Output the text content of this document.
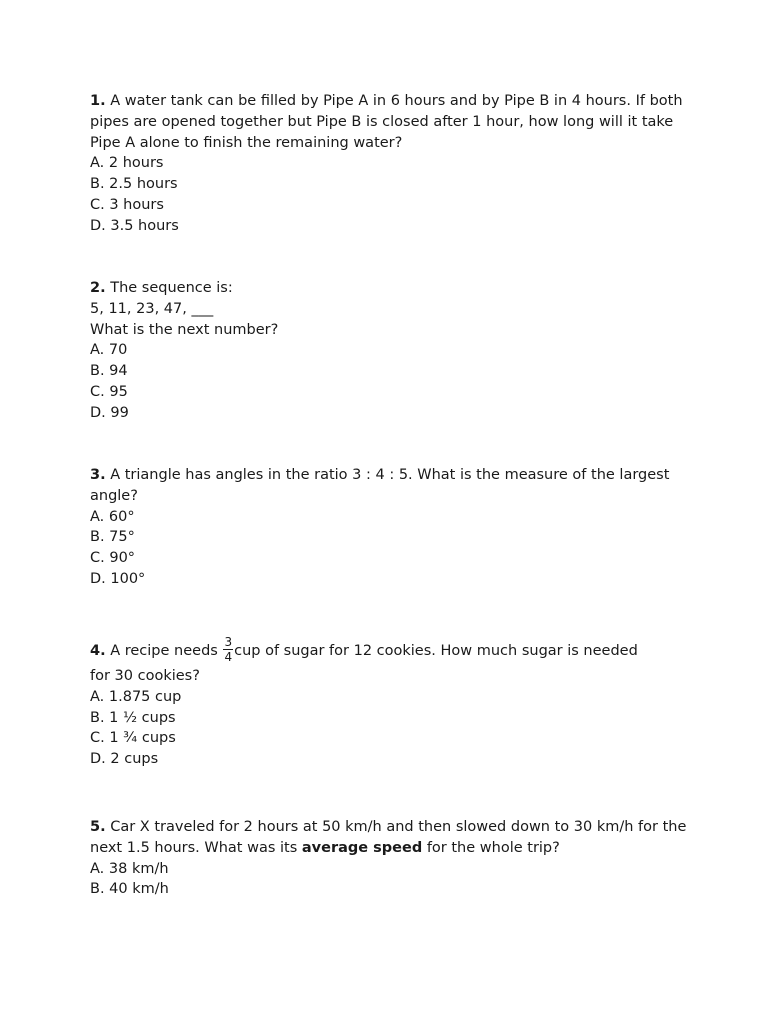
1. A water tank can be filled by Pipe A in 6 hours and by Pipe B in 4 hours. If both pipes are opened together but Pipe B is closed after 1 hour, how long will it take Pipe A alone to finish the remaining water?
A. 2 hours
B. 2.5 hours
C. 3 hours
D. 3.5 hours
2. The sequence is:
5, 11, 23, 47, ___
What is the next number?
A. 70
B. 94
C. 95
D. 99
3. A triangle has angles in the ratio 3 : 4 : 5. What is the measure of the largest angle?
A. 60°
B. 75°
C. 90°
D. 100°
4. A recipe needs $\frac{3}{4}$ cup of sugar for 12 cookies. How much sugar is needed
for 30 cookies?
A. 1.875 cup
B. 1 ½ cups
C. 1 ¾ cups
D. 2 cups
5. Car X traveled for 2 hours at 50 km/h and then slowed down to 30 km/h for the next 1.5 hours. What was its average speed for the whole trip?
A. 38 km/h
B. 40 km/h
